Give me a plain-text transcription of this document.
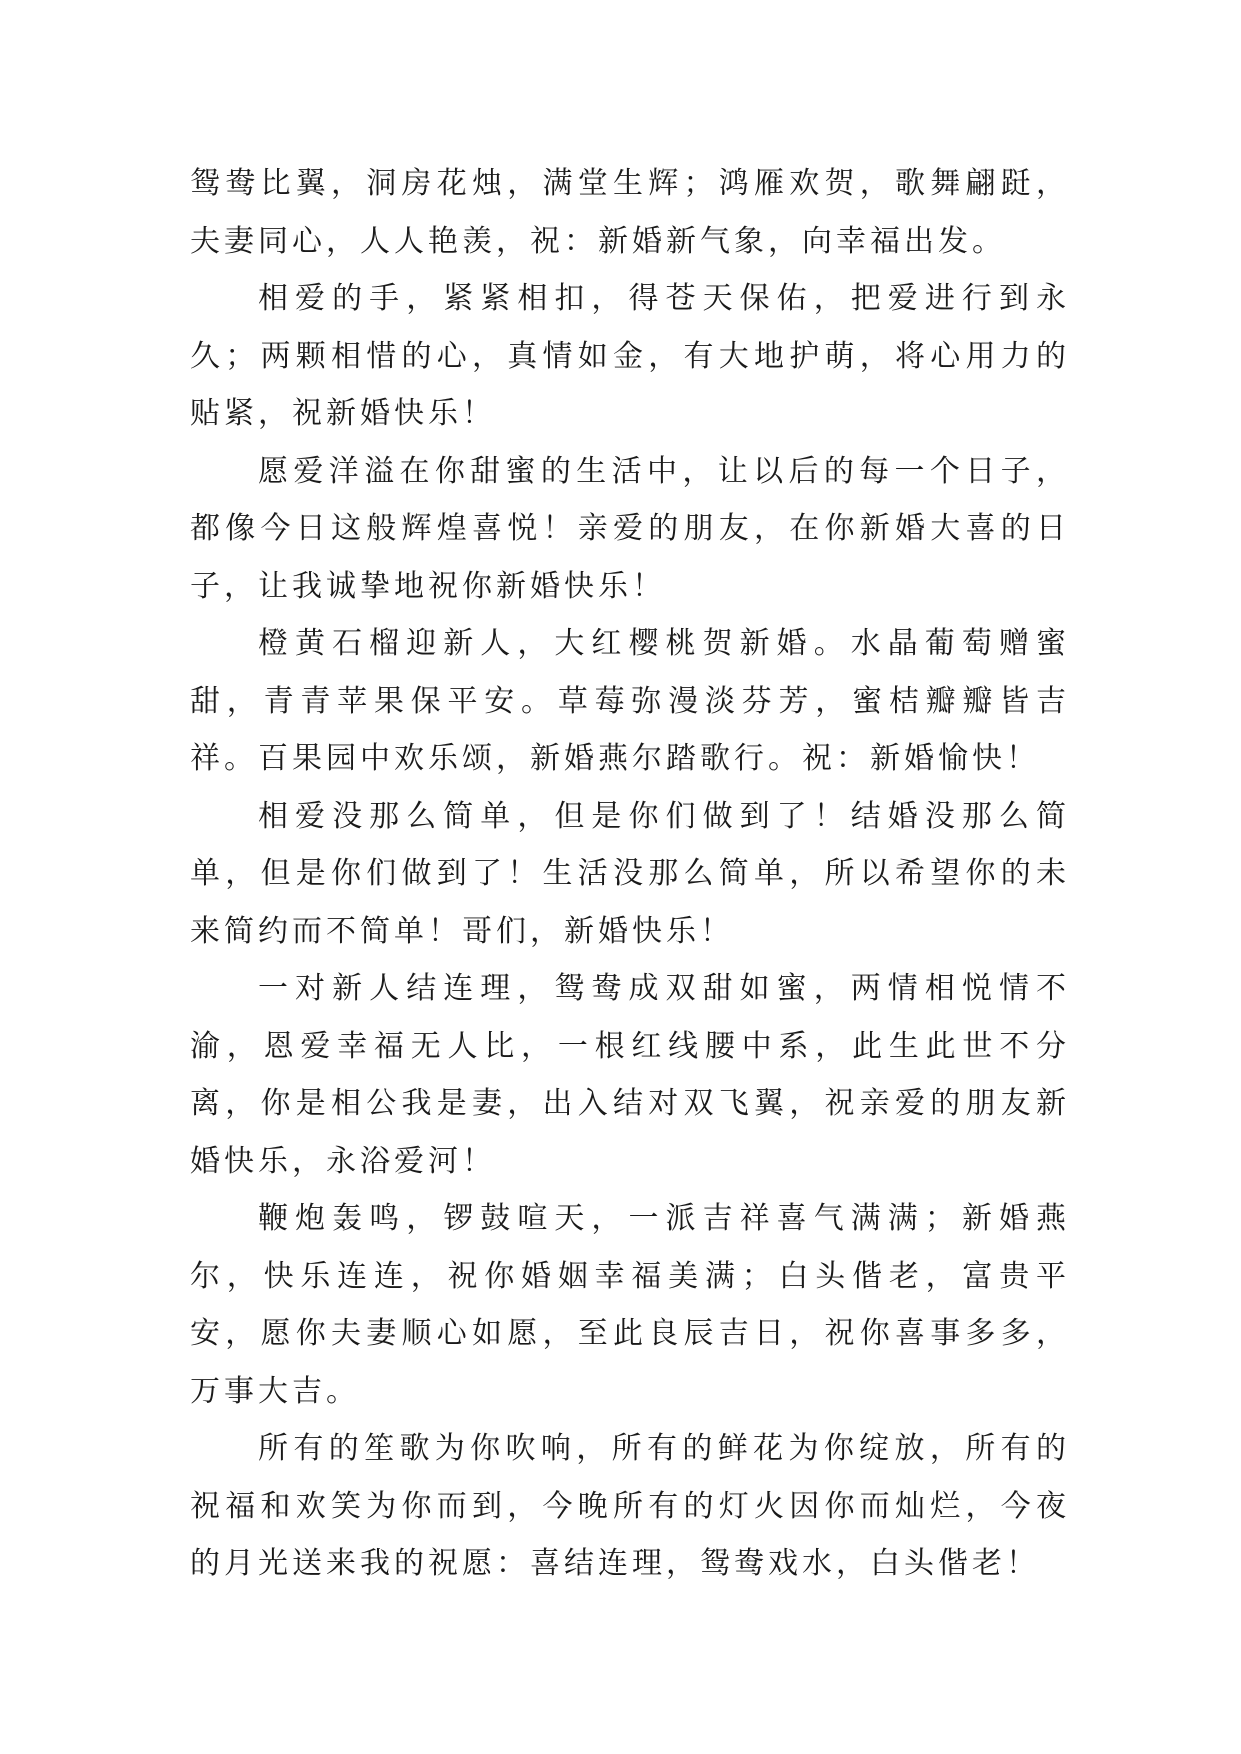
鸳鸯比翼，洞房花烛，满堂生辉；鸿雁欢贺，歌舞翩跹，夫妻同心，人人艳羡，祝：新婚新气象，向幸福出发。

相爱的手，紧紧相扣，得苍天保佑，把爱进行到永久；两颗相惜的心，真情如金，有大地护萌，将心用力的贴紧，祝新婚快乐！

愿爱洋溢在你甜蜜的生活中，让以后的每一个日子，都像今日这般辉煌喜悦！亲爱的朋友，在你新婚大喜的日子，让我诚挚地祝你新婚快乐！

橙黄石榴迎新人，大红樱桃贺新婚。水晶葡萄赠蜜甜，青青苹果保平安。草莓弥漫淡芬芳，蜜桔瓣瓣皆吉祥。百果园中欢乐颂，新婚燕尔踏歌行。祝：新婚愉快！

相爱没那么简单，但是你们做到了！结婚没那么简单，但是你们做到了！生活没那么简单，所以希望你的未来简约而不简单！哥们，新婚快乐！

一对新人结连理，鸳鸯成双甜如蜜，两情相悦情不渝，恩爱幸福无人比，一根红线腰中系，此生此世不分离，你是相公我是妻，出入结对双飞翼，祝亲爱的朋友新婚快乐，永浴爱河！

鞭炮轰鸣，锣鼓喧天，一派吉祥喜气满满；新婚燕尔，快乐连连，祝你婚姻幸福美满；白头偕老，富贵平安，愿你夫妻顺心如愿，至此良辰吉日，祝你喜事多多，万事大吉。

所有的笙歌为你吹响，所有的鲜花为你绽放，所有的祝福和欢笑为你而到，今晚所有的灯火因你而灿烂，今夜的月光送来我的祝愿：喜结连理，鸳鸯戏水，白头偕老！
